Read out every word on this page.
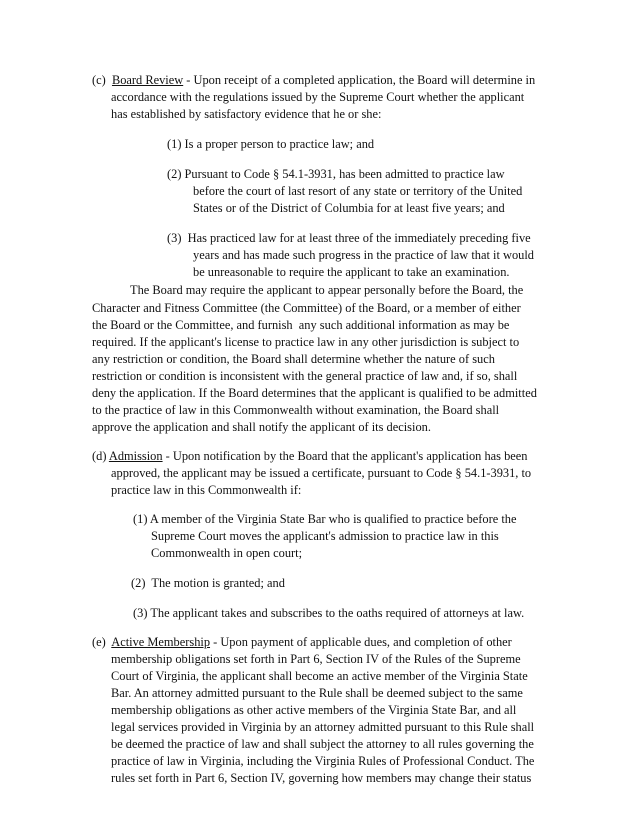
(c) Board Review - Upon receipt of a completed application, the Board will determine in
accordance with the regulations issued by the Supreme Court whether the applicant
has established by satisfactory evidence that he or she:
(1) Is a proper person to practice law; and
(2) Pursuant to Code § 54.1-3931, has been admitted to practice law
before the court of last resort of any state or territory of the United
States or of the District of Columbia for at least five years; and
(3)  Has practiced law for at least three of the immediately preceding five
years and has made such progress in the practice of law that it would
be unreasonable to require the applicant to take an examination.
The Board may require the applicant to appear personally before the Board, the
Character and Fitness Committee (the Committee) of the Board, or a member of either
the Board or the Committee, and furnish  any such additional information as may be
required. If the applicant's license to practice law in any other jurisdiction is subject to
any restriction or condition, the Board shall determine whether the nature of such
restriction or condition is inconsistent with the general practice of law and, if so, shall
deny the application. If the Board determines that the applicant is qualified to be admitted
to the practice of law in this Commonwealth without examination, the Board shall
approve the application and shall notify the applicant of its decision.
(d) Admission - Upon notification by the Board that the applicant's application has been
approved, the applicant may be issued a certificate, pursuant to Code § 54.1-3931, to
practice law in this Commonwealth if:
(1) A member of the Virginia State Bar who is qualified to practice before the
Supreme Court moves the applicant's admission to practice law in this
Commonwealth in open court;
(2)  The motion is granted; and
(3) The applicant takes and subscribes to the oaths required of attorneys at law.
(e)  Active Membership - Upon payment of applicable dues, and completion of other
membership obligations set forth in Part 6, Section IV of the Rules of the Supreme
Court of Virginia, the applicant shall become an active member of the Virginia State
Bar. An attorney admitted pursuant to the Rule shall be deemed subject to the same
membership obligations as other active members of the Virginia State Bar, and all
legal services provided in Virginia by an attorney admitted pursuant to this Rule shall
be deemed the practice of law and shall subject the attorney to all rules governing the
practice of law in Virginia, including the Virginia Rules of Professional Conduct. The
rules set forth in Part 6, Section IV, governing how members may change their status
